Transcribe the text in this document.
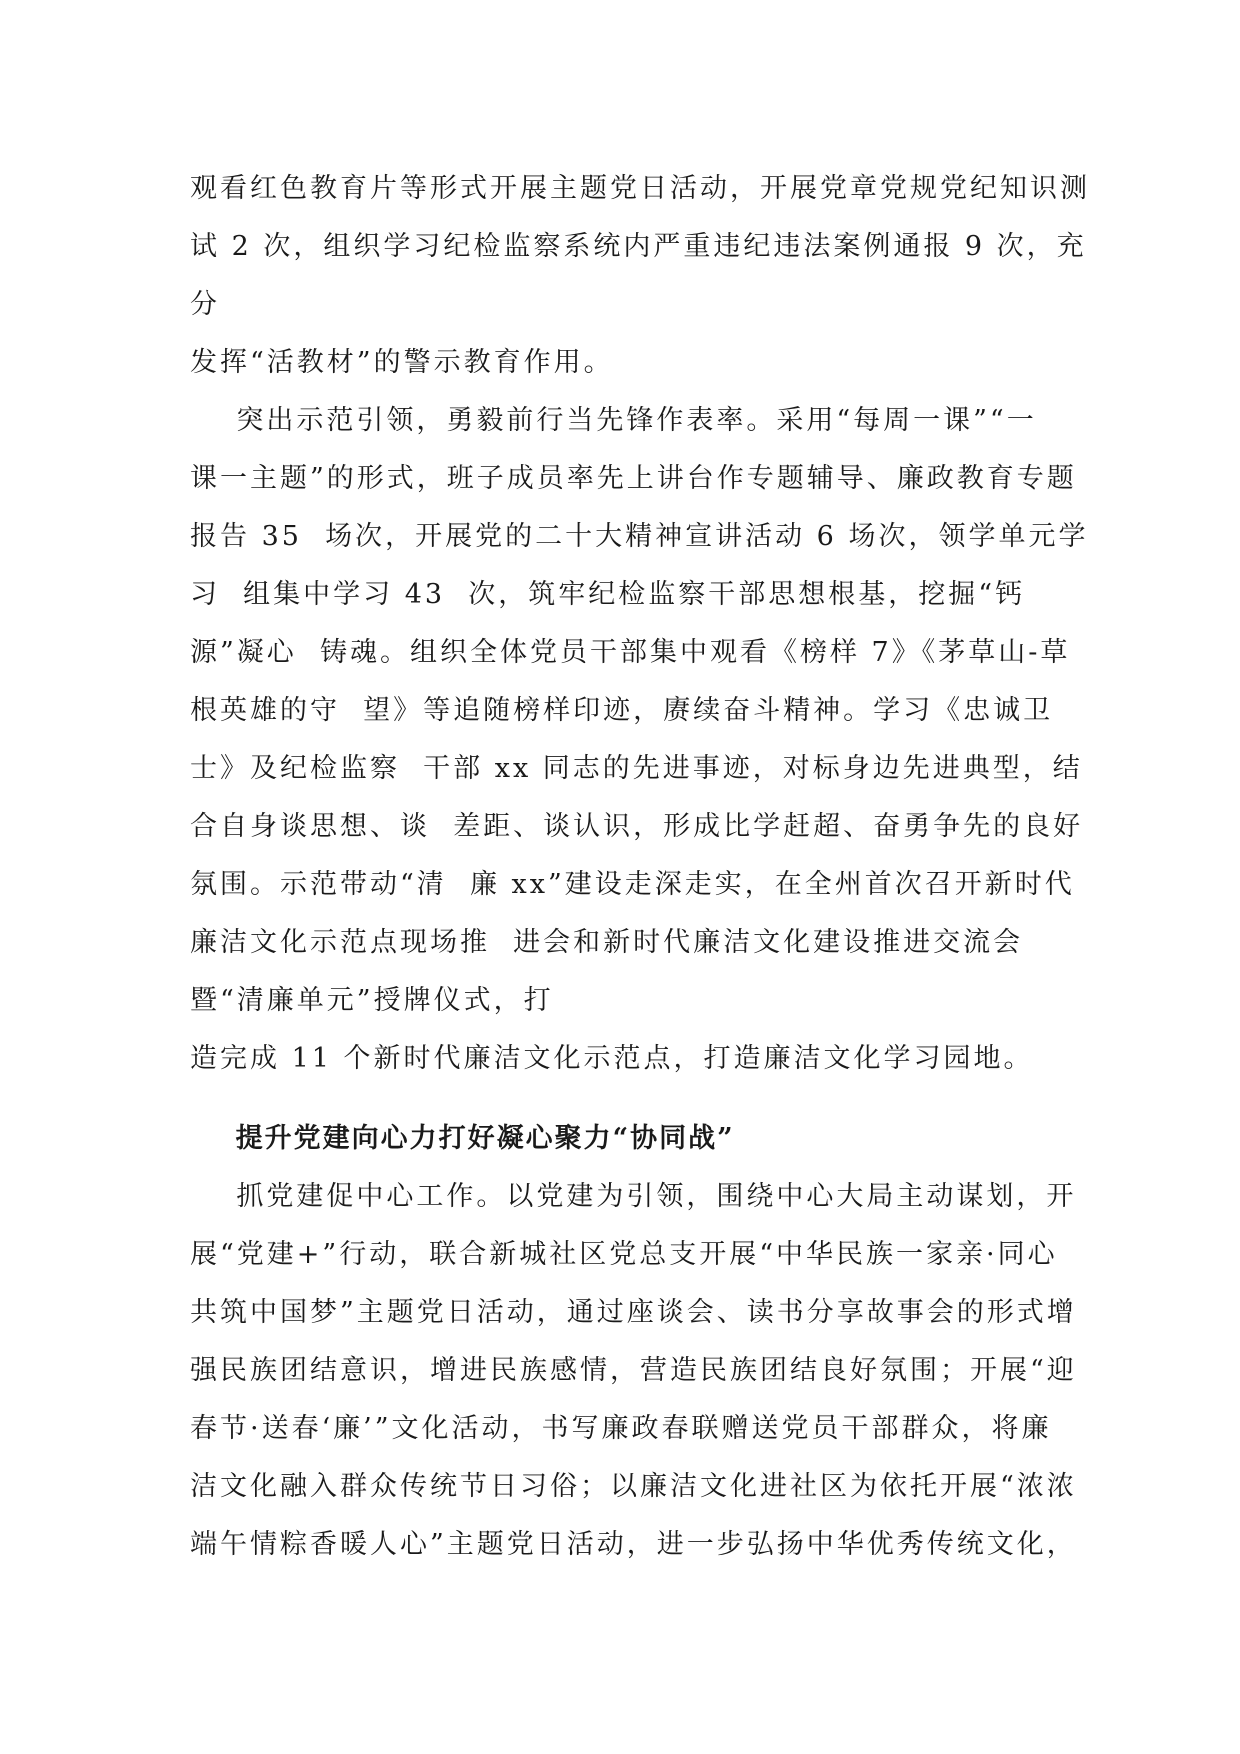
观看红色教育片等形式开展主题党日活动，开展党章党规党纪知识测
试 2 次，组织学习纪检监察系统内严重违纪违法案例通报 9 次，充
分
发挥“活教材”的警示教育作用。
突出示范引领，勇毅前行当先锋作表率。采用“每周一课”“一
课一主题”的形式，班子成员率先上讲台作专题辅导、廉政教育专题
报告 35  场次，开展党的二十大精神宣讲活动 6 场次，领学单元学
习  组集中学习 43  次，筑牢纪检监察干部思想根基，挖掘“钙
源”凝心  铸魂。组织全体党员干部集中观看《榜样 7》《茅草山-草
根英雄的守  望》等追随榜样印迹，赓续奋斗精神。学习《忠诚卫
士》及纪检监察  干部 xx 同志的先进事迹，对标身边先进典型，结
合自身谈思想、谈  差距、谈认识，形成比学赶超、奋勇争先的良好
氛围。示范带动“清  廉 xx”建设走深走实，在全州首次召开新时代
廉洁文化示范点现场推  进会和新时代廉洁文化建设推进交流会
暨“清廉单元”授牌仪式，打
造完成 11 个新时代廉洁文化示范点，打造廉洁文化学习园地。
提升党建向心力打好凝心聚力“协同战”
抓党建促中心工作。以党建为引领，围绕中心大局主动谋划，开
展“党建+”行动，联合新城社区党总支开展“中华民族一家亲·同心
共筑中国梦”主题党日活动，通过座谈会、读书分享故事会的形式增
强民族团结意识，增进民族感情，营造民族团结良好氛围；开展“迎
春节·送春‘廉’”文化活动，书写廉政春联赠送党员干部群众，将廉
洁文化融入群众传统节日习俗；以廉洁文化进社区为依托开展“浓浓
端午情粽香暖人心”主题党日活动，进一步弘扬中华优秀传统文化，
